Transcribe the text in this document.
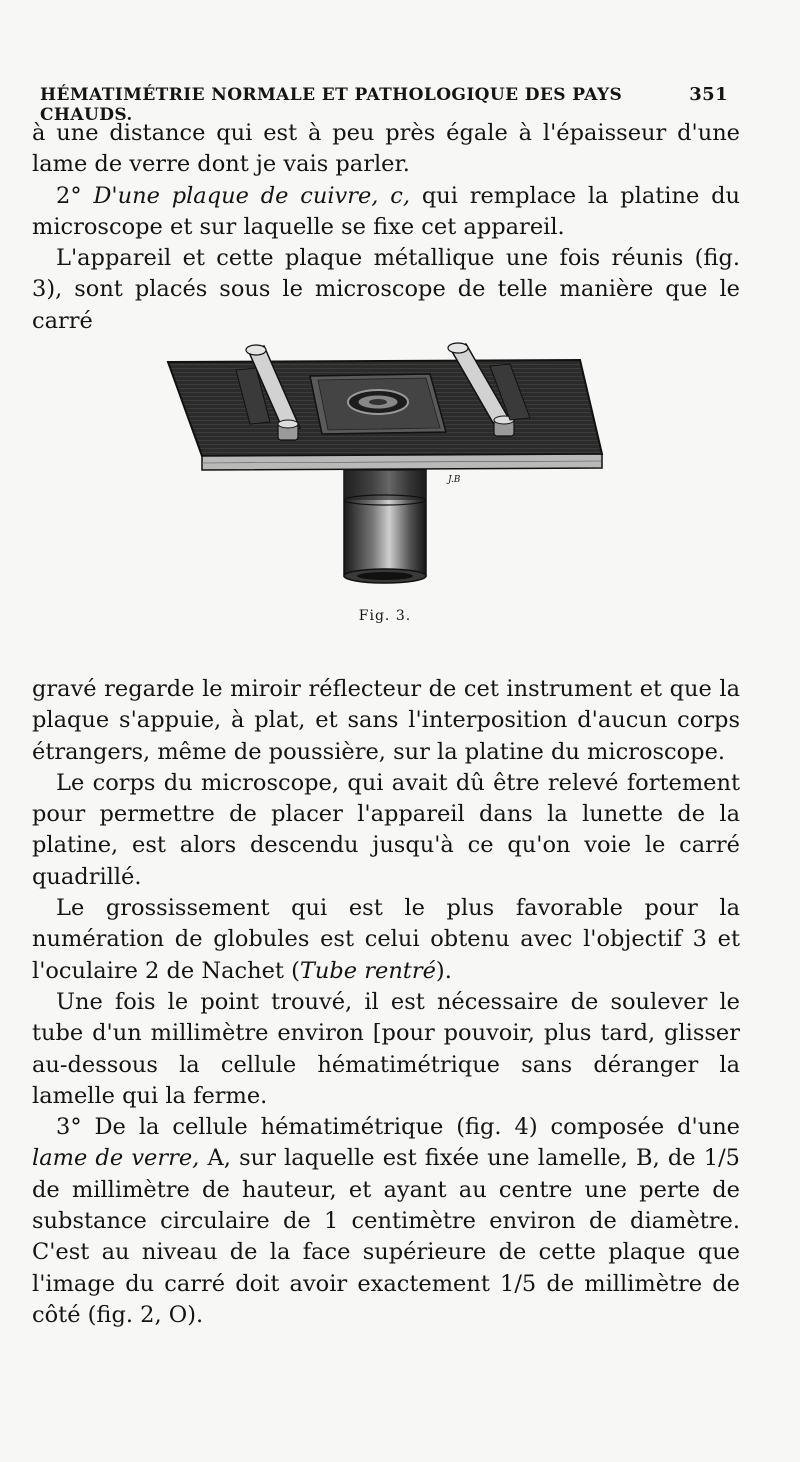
HÉMATIMÉTRIE NORMALE ET PATHOLOGIQUE DES PAYS CHAUDS.
351

à une distance qui est à peu près égale à l'épaisseur d'une lame de verre dont je vais parler.

2° D'une plaque de cuivre, c, qui remplace la platine du microscope et sur laquelle se fixe cet appareil.

L'appareil et cette plaque métallique une fois réunis (fig. 3), sont placés sous le microscope de telle manière que le carré

J.B
Fig. 3.

gravé regarde le miroir réflecteur de cet instrument et que la plaque s'appuie, à plat, et sans l'interposition d'aucun corps étrangers, même de poussière, sur la platine du microscope.

Le corps du microscope, qui avait dû être relevé fortement pour permettre de placer l'appareil dans la lunette de la platine, est alors descendu jusqu'à ce qu'on voie le carré quadrillé.

Le grossissement qui est le plus favorable pour la numération de globules est celui obtenu avec l'objectif 3 et l'oculaire 2 de Nachet (Tube rentré).

Une fois le point trouvé, il est nécessaire de soulever le tube d'un millimètre environ [pour pouvoir, plus tard, glisser au-dessous la cellule hématimétrique sans déranger la lamelle qui la ferme.

3° De la cellule hématimétrique (fig. 4) composée d'une lame de verre, A, sur laquelle est fixée une lamelle, B, de 1/5 de millimètre de hauteur, et ayant au centre une perte de substance circulaire de 1 centimètre environ de diamètre. C'est au niveau de la face supérieure de cette plaque que l'image du carré doit avoir exactement 1/5 de millimètre de côté (fig. 2, O).
